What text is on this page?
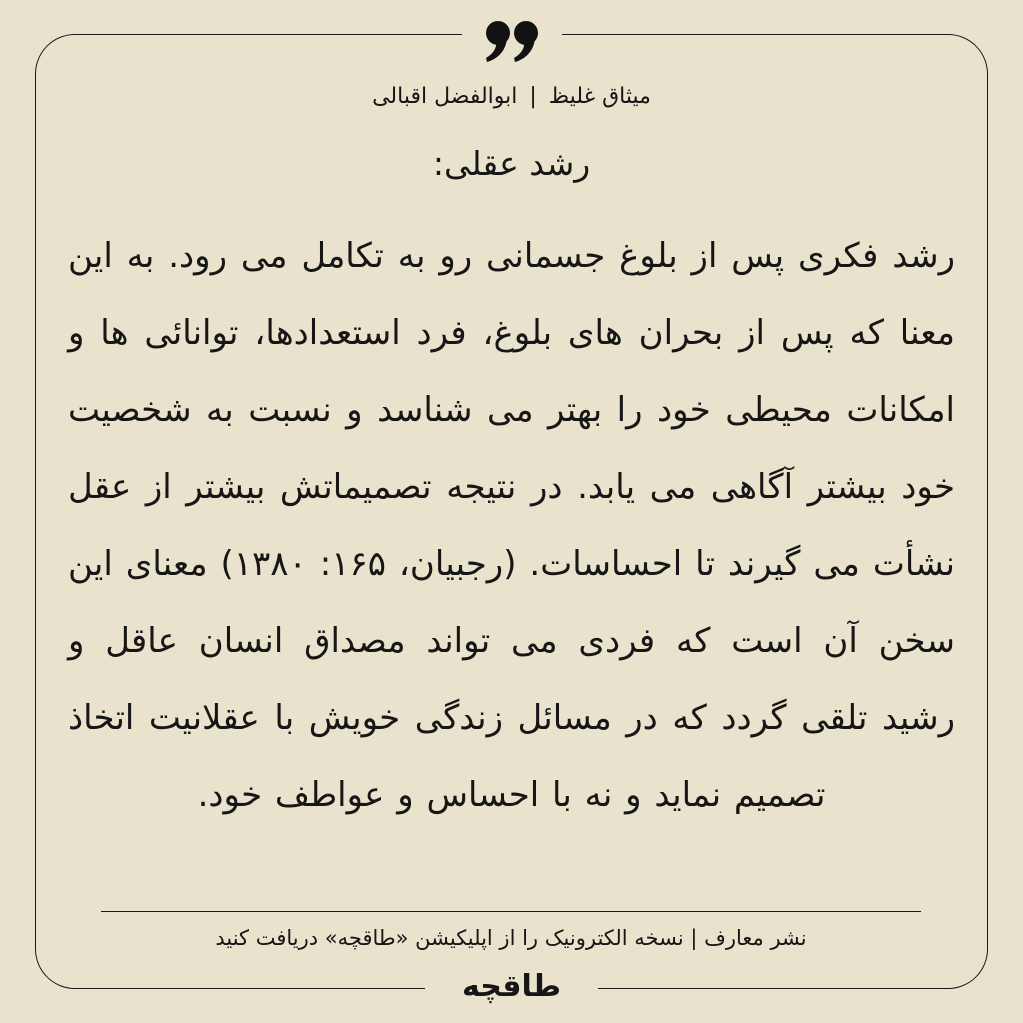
میثاق غلیظ
|
ابوالفضل اقبالی
رشد عقلی:
رشد فکری پس از بلوغ جسمانی رو به تکامل می رود. به این معنا که پس از بحران های بلوغ، فرد استعدادها، توانائی ها و امکانات محیطی خود را بهتر می شناسد و نسبت به شخصیت خود بیشتر آگاهی می یابد. در نتیجه تصمیماتش بیشتر از عقل نشأت می گیرند تا احساسات. (رجبیان، ۱۶۵: ۱۳۸۰) معنای این سخن آن است که فردی می تواند مصداق انسان عاقل و رشید تلقی گردد که در مسائل زندگی خویش با عقلانیت اتخاذ تصمیم نماید و نه با احساس و عواطف خود.
نشر معارف | نسخه الکترونیک را از اپلیکیشن «طاقچه» دریافت کنید
طاقچه
